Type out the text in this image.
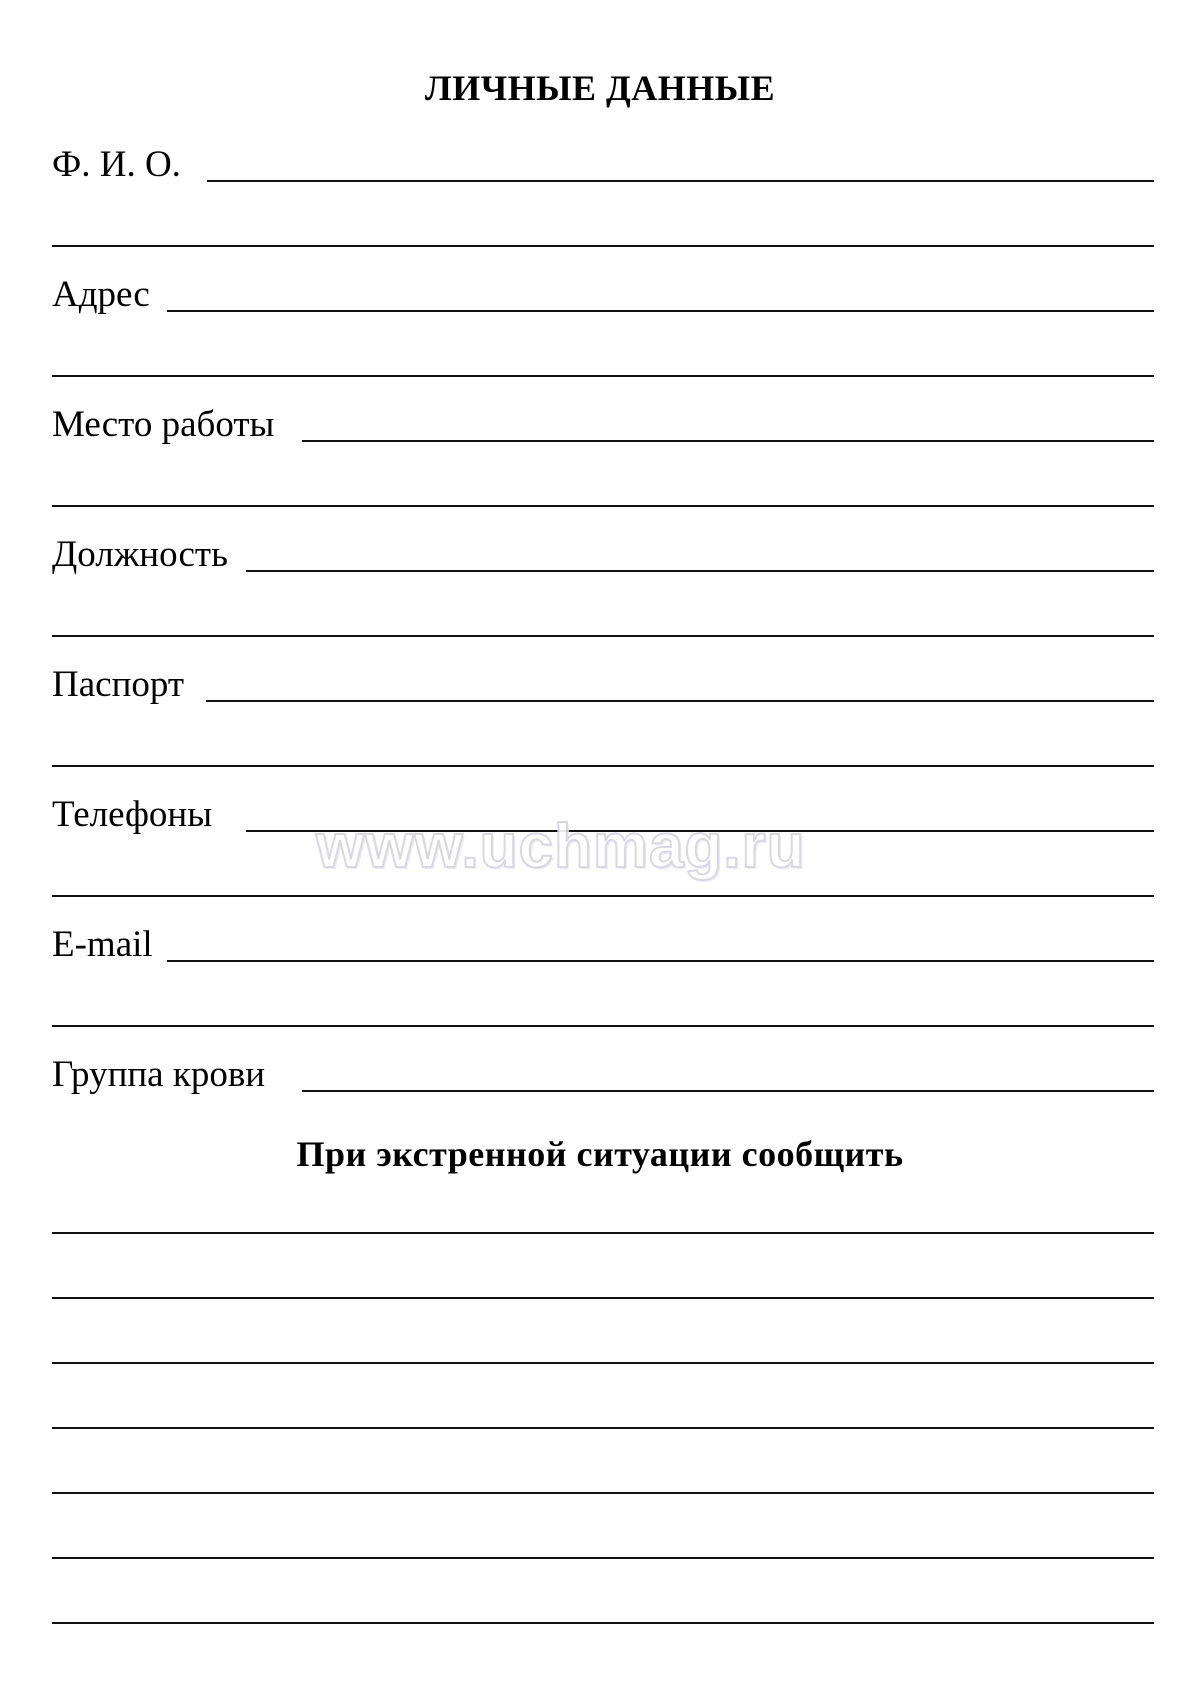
ЛИЧНЫЕ ДАННЫЕ
Ф. И. О.
Адрес
Место работы
Должность
Паспорт
Телефоны
E-mail
Группа крови
При экстренной ситуации сообщить
www.uchmag.ru
